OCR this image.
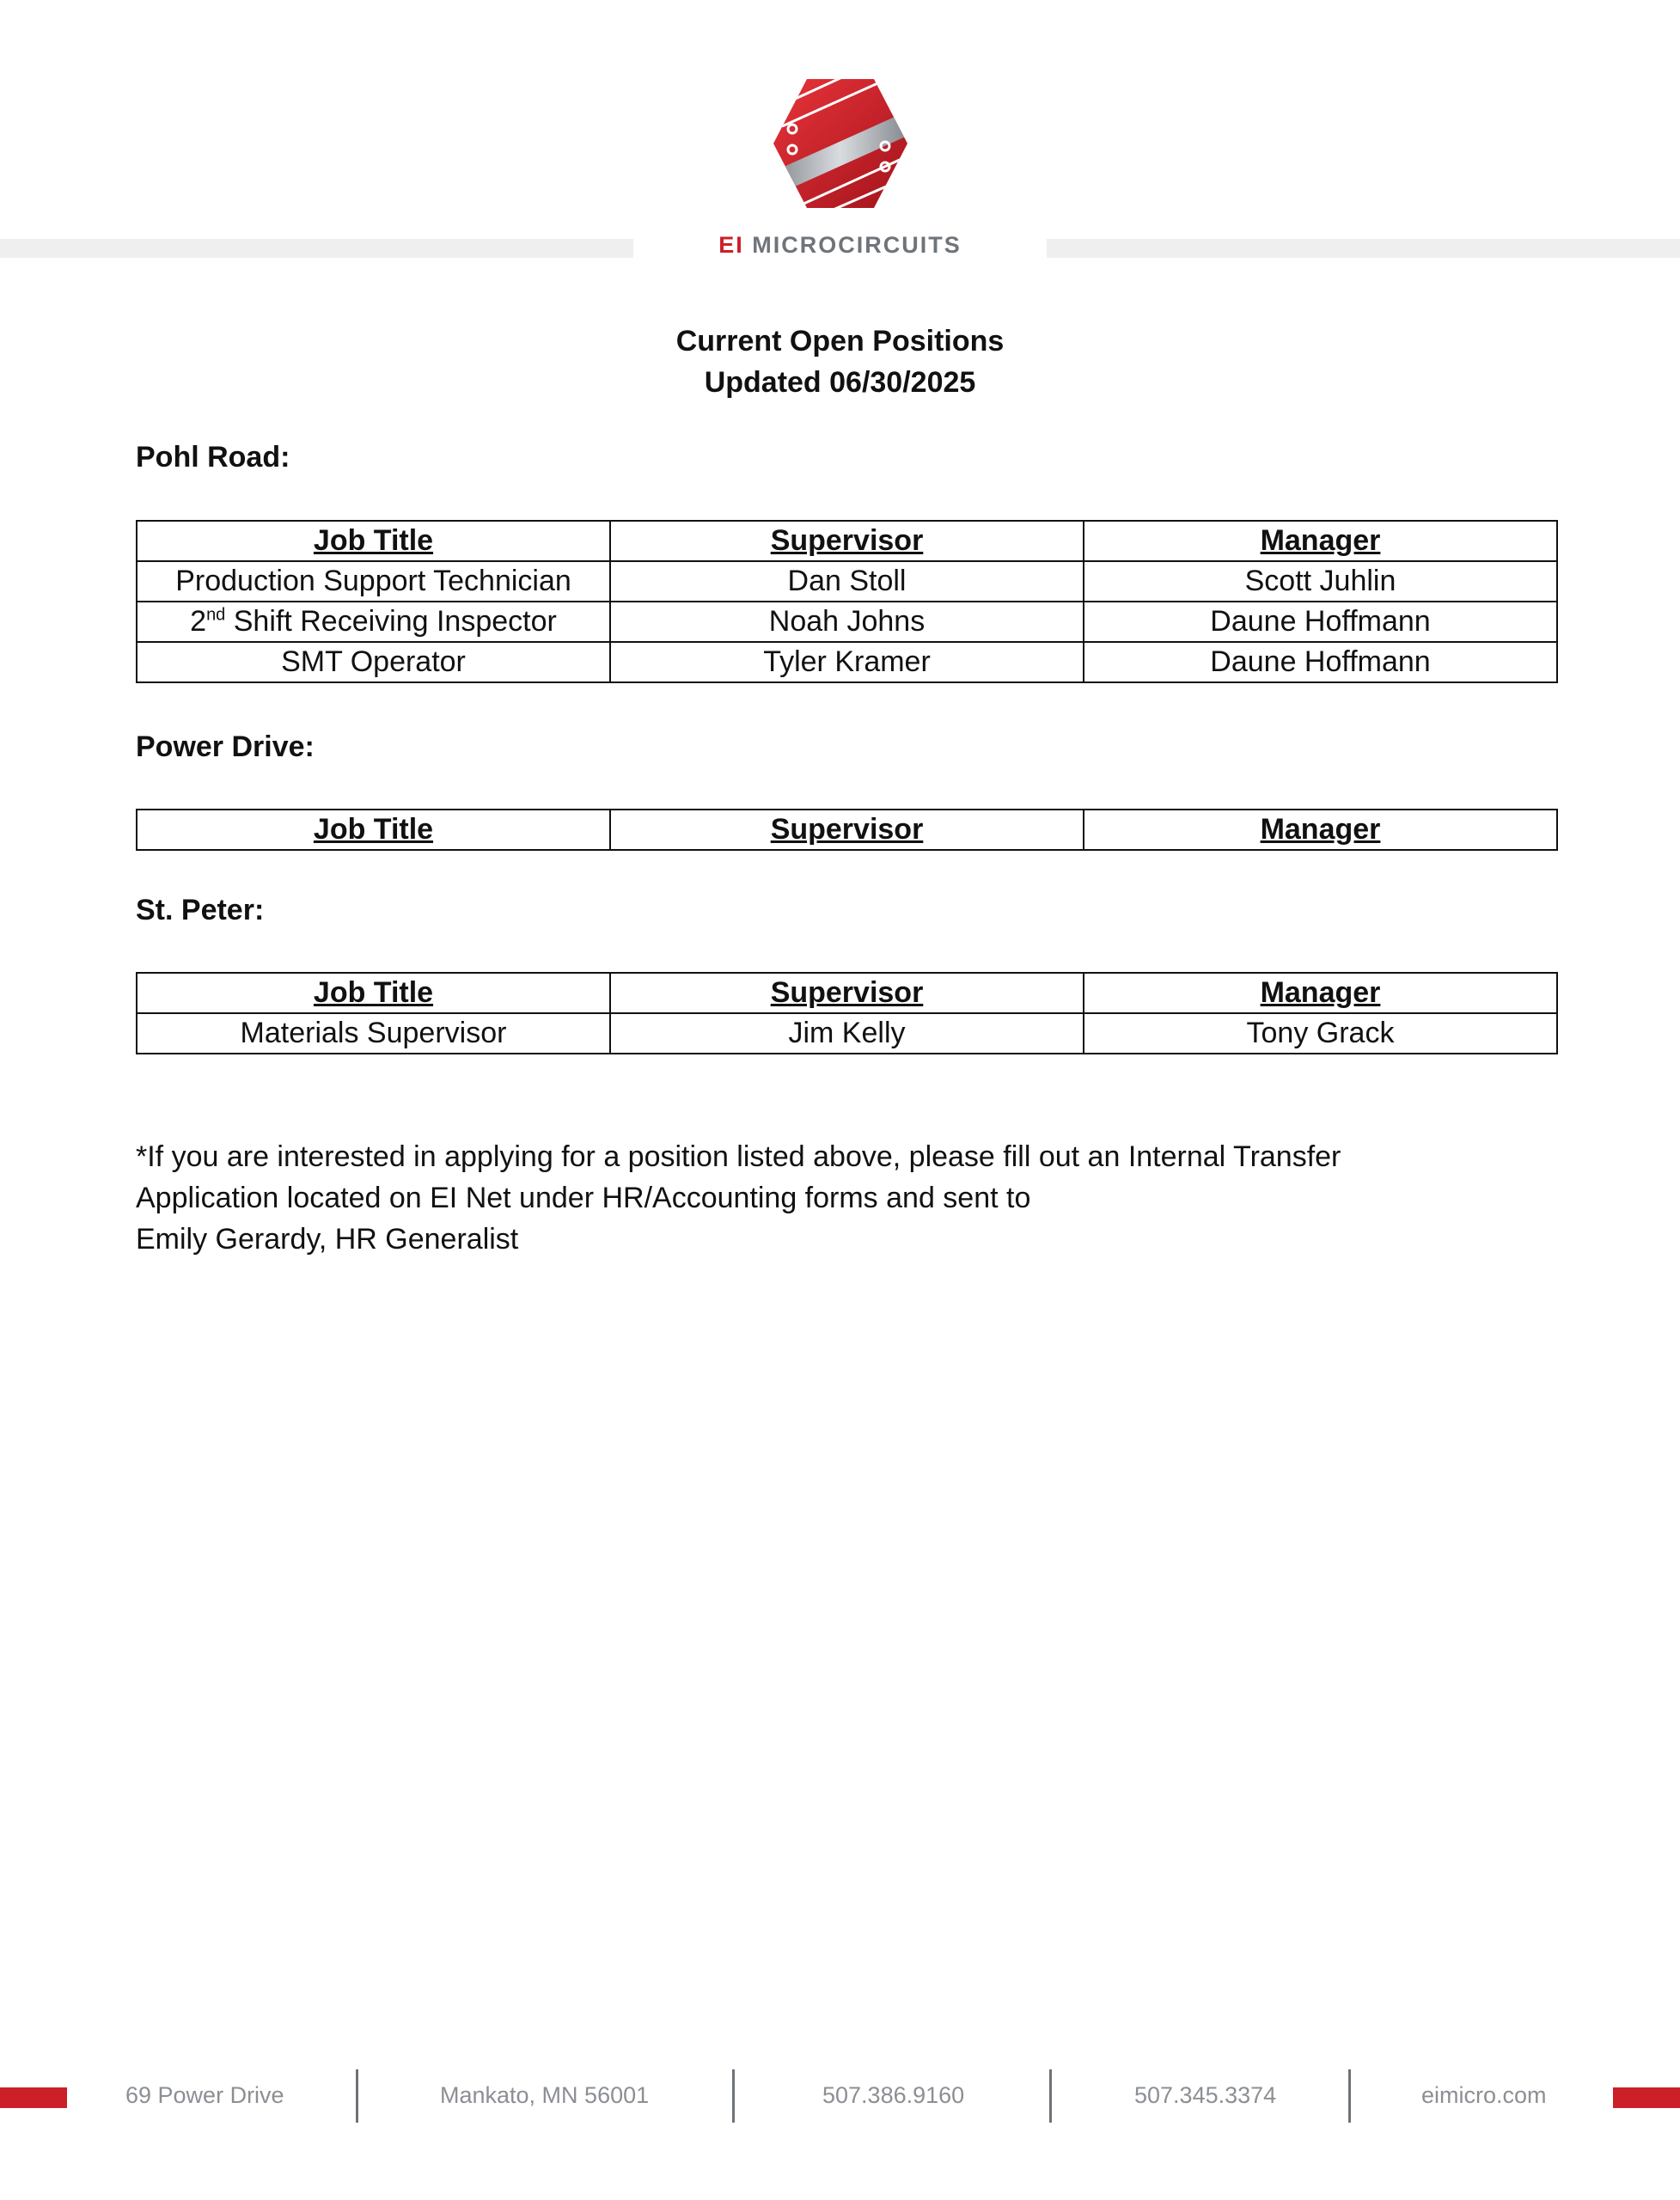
EI MICROCIRCUITS
Current Open Positions
Updated 06/30/2025
Pohl Road:
Job Title	Supervisor	Manager
Production Support Technician	Dan Stoll	Scott Juhlin
2nd Shift Receiving Inspector	Noah Johns	Daune Hoffmann
SMT Operator	Tyler Kramer	Daune Hoffmann
Power Drive:
Job Title	Supervisor	Manager
St. Peter:
Job Title	Supervisor	Manager
Materials Supervisor	Jim Kelly	Tony Grack
*If you are interested in applying for a position listed above, please fill out an Internal Transfer
Application located on EI Net under HR/Accounting forms and sent to
Emily Gerardy, HR Generalist
69 Power Drive	Mankato, MN 56001	507.386.9160	507.345.3374	eimicro.com
